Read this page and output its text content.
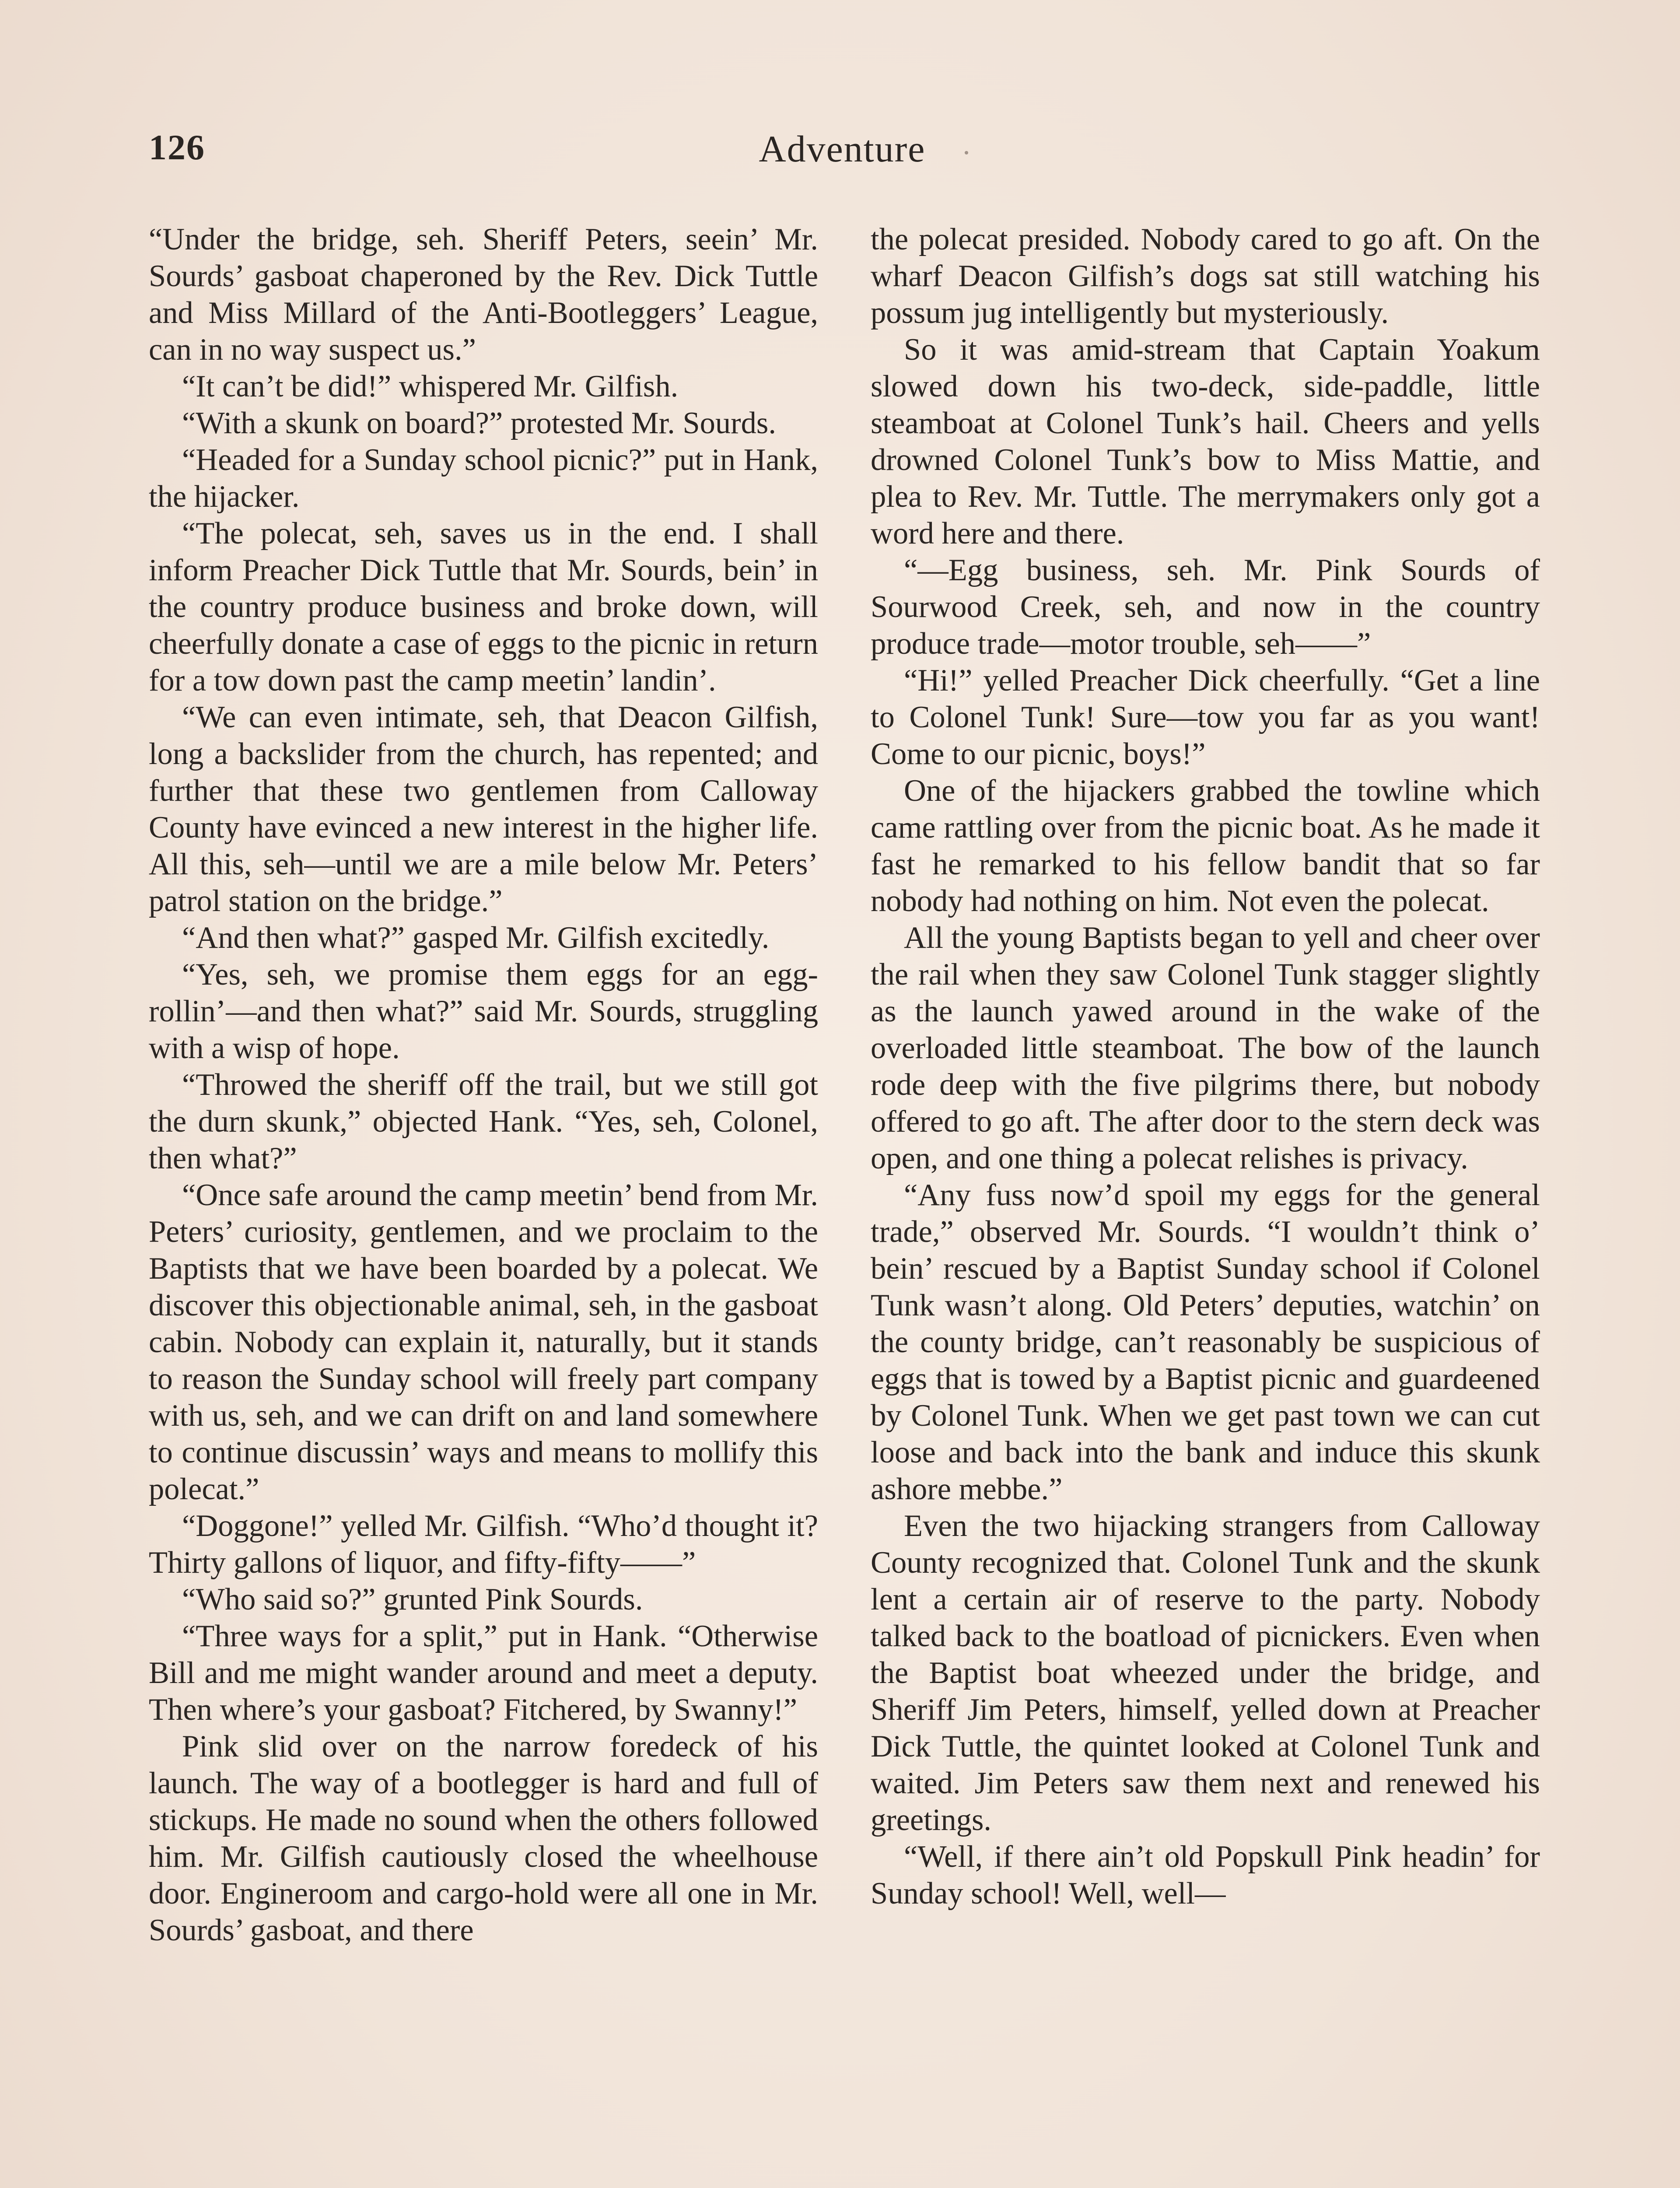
126	Adventure

“Under the bridge, seh. Sheriff Peters, seein’ Mr. Sourds’ gasboat chaperoned by the Rev. Dick Tuttle and Miss Millard of the Anti-Bootleggers’ League, can in no way suspect us.”

“It can’t be did!” whispered Mr. Gilfish.

“With a skunk on board?” protested Mr. Sourds.

“Headed for a Sunday school picnic?” put in Hank, the hijacker.

“The polecat, seh, saves us in the end. I shall inform Preacher Dick Tuttle that Mr. Sourds, bein’ in the country produce business and broke down, will cheerfully donate a case of eggs to the picnic in return for a tow down past the camp meetin’ landin’.

“We can even intimate, seh, that Deacon Gilfish, long a backslider from the church, has repented; and further that these two gentlemen from Calloway County have evinced a new interest in the higher life. All this, seh—until we are a mile below Mr. Peters’ patrol station on the bridge.”

“And then what?” gasped Mr. Gilfish excitedly.

“Yes, seh, we promise them eggs for an egg-rollin’—and then what?” said Mr. Sourds, struggling with a wisp of hope.

“Throwed the sheriff off the trail, but we still got the durn skunk,” objected Hank. “Yes, seh, Colonel, then what?”

“Once safe around the camp meetin’ bend from Mr. Peters’ curiosity, gentlemen, and we proclaim to the Baptists that we have been boarded by a polecat. We discover this objectionable animal, seh, in the gasboat cabin. Nobody can explain it, naturally, but it stands to reason the Sunday school will freely part company with us, seh, and we can drift on and land somewhere to continue discussin’ ways and means to mollify this polecat.”

“Doggone!” yelled Mr. Gilfish. “Who’d thought it? Thirty gallons of liquor, and fifty-fifty——”

“Who said so?” grunted Pink Sourds.

“Three ways for a split,” put in Hank. “Otherwise Bill and me might wander around and meet a deputy. Then where’s your gasboat? Fitchered, by Swanny!”

Pink slid over on the narrow foredeck of his launch. The way of a bootlegger is hard and full of stickups. He made no sound when the others followed him. Mr. Gilfish cautiously closed the wheelhouse door. Engineroom and cargo-hold were all one in Mr. Sourds’ gasboat, and there

the polecat presided. Nobody cared to go aft. On the wharf Deacon Gilfish’s dogs sat still watching his possum jug intelligently but mysteriously.

So it was amid-stream that Captain Yoakum slowed down his two-deck, side-paddle, little steamboat at Colonel Tunk’s hail. Cheers and yells drowned Colonel Tunk’s bow to Miss Mattie, and plea to Rev. Mr. Tuttle. The merrymakers only got a word here and there.

“—Egg business, seh. Mr. Pink Sourds of Sourwood Creek, seh, and now in the country produce trade—motor trouble, seh——”

“Hi!” yelled Preacher Dick cheerfully. “Get a line to Colonel Tunk! Sure—tow you far as you want! Come to our picnic, boys!”

One of the hijackers grabbed the towline which came rattling over from the picnic boat. As he made it fast he remarked to his fellow bandit that so far nobody had nothing on him. Not even the polecat.

All the young Baptists began to yell and cheer over the rail when they saw Colonel Tunk stagger slightly as the launch yawed around in the wake of the overloaded little steamboat. The bow of the launch rode deep with the five pilgrims there, but nobody offered to go aft. The after door to the stern deck was open, and one thing a polecat relishes is privacy.

“Any fuss now’d spoil my eggs for the general trade,” observed Mr. Sourds. “I wouldn’t think o’ bein’ rescued by a Baptist Sunday school if Colonel Tunk wasn’t along. Old Peters’ deputies, watchin’ on the county bridge, can’t reasonably be suspicious of eggs that is towed by a Baptist picnic and guardeened by Colonel Tunk. When we get past town we can cut loose and back into the bank and induce this skunk ashore mebbe.”

Even the two hijacking strangers from Calloway County recognized that. Colonel Tunk and the skunk lent a certain air of reserve to the party. Nobody talked back to the boatload of picnickers. Even when the Baptist boat wheezed under the bridge, and Sheriff Jim Peters, himself, yelled down at Preacher Dick Tuttle, the quintet looked at Colonel Tunk and waited. Jim Peters saw them next and renewed his greetings.

“Well, if there ain’t old Popskull Pink headin’ for Sunday school! Well, well—
